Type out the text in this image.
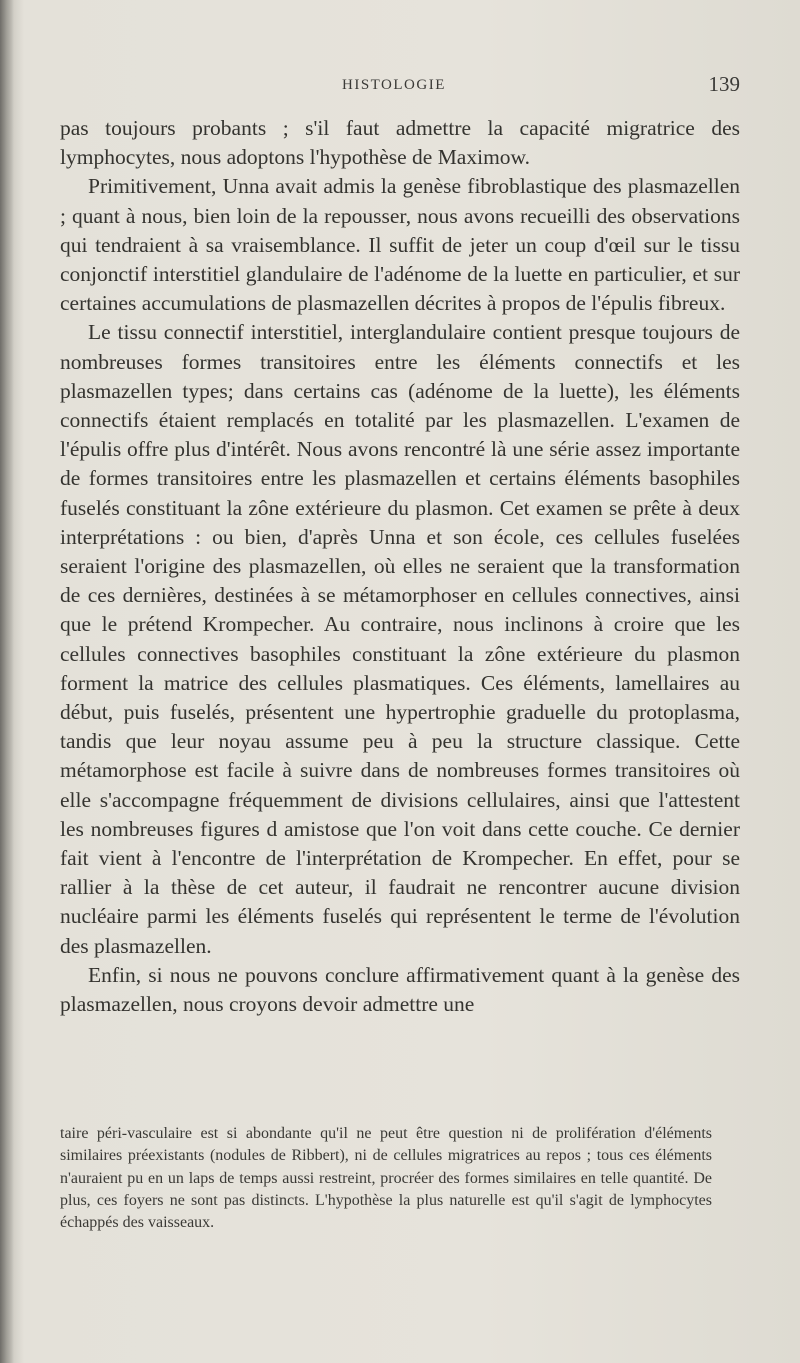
HISTOLOGIE	139

pas toujours probants ; s'il faut admettre la capacité migratrice des lymphocytes, nous adoptons l'hypothèse de Maximow.

Primitivement, Unna avait admis la genèse fibroblastique des plasmazellen ; quant à nous, bien loin de la repousser, nous avons recueilli des observations qui tendraient à sa vraisemblance. Il suffit de jeter un coup d'œil sur le tissu conjonctif interstitiel glandulaire de l'adénome de la luette en particulier, et sur certaines accumulations de plasmazellen décrites à propos de l'épulis fibreux.

Le tissu connectif interstitiel, interglandulaire contient presque toujours de nombreuses formes transitoires entre les éléments connectifs et les plasmazellen types; dans certains cas (adénome de la luette), les éléments connectifs étaient remplacés en totalité par les plasmazellen. L'examen de l'épulis offre plus d'intérêt. Nous avons rencontré là une série assez importante de formes transitoires entre les plasmazellen et certains éléments basophiles fuselés constituant la zône extérieure du plasmon. Cet examen se prête à deux interprétations : ou bien, d'après Unna et son école, ces cellules fuselées seraient l'origine des plasmazellen, où elles ne seraient que la transformation de ces dernières, destinées à se métamorphoser en cellules connectives, ainsi que le prétend Krompecher. Au contraire, nous inclinons à croire que les cellules connectives basophiles constituant la zône extérieure du plasmon forment la matrice des cellules plasmatiques. Ces éléments, lamellaires au début, puis fuselés, présentent une hypertrophie graduelle du protoplasma, tandis que leur noyau assume peu à peu la structure classique. Cette métamorphose est facile à suivre dans de nombreuses formes transitoires où elle s'accompagne fréquemment de divisions cellulaires, ainsi que l'attestent les nombreuses figures d amistose que l'on voit dans cette couche. Ce dernier fait vient à l'encontre de l'interprétation de Krompecher. En effet, pour se rallier à la thèse de cet auteur, il faudrait ne rencontrer aucune division nucléaire parmi les éléments fuselés qui représentent le terme de l'évolution des plasmazellen.

Enfin, si nous ne pouvons conclure affirmativement quant à la genèse des plasmazellen, nous croyons devoir admettre une

taire péri-vasculaire est si abondante qu'il ne peut être question ni de prolifération d'éléments similaires préexistants (nodules de Ribbert), ni de cellules migratrices au repos ; tous ces éléments n'auraient pu en un laps de temps aussi restreint, procréer des formes similaires en telle quantité. De plus, ces foyers ne sont pas distincts. L'hypothèse la plus naturelle est qu'il s'agit de lymphocytes échappés des vaisseaux.
